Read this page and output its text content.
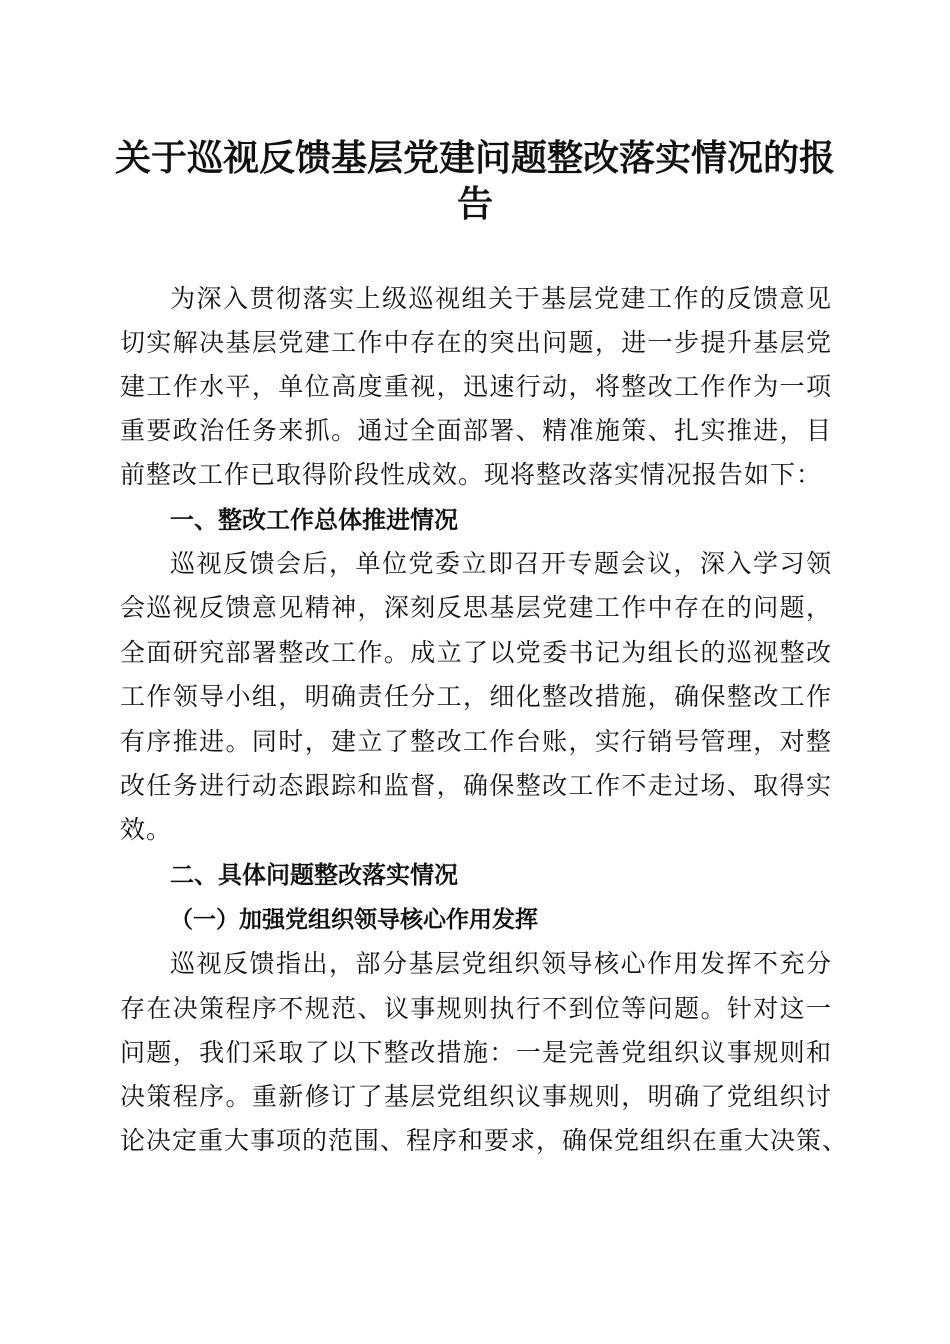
关于巡视反馈基层党建问题整改落实情况的报
告

为深入贯彻落实上级巡视组关于基层党建工作的反馈意见

切实解决基层党建工作中存在的突出问题，进一步提升基层党

建工作水平，单位高度重视，迅速行动，将整改工作作为一项

重要政治任务来抓。通过全面部署、精准施策、扎实推进，目

前整改工作已取得阶段性成效。现将整改落实情况报告如下：

一、整改工作总体推进情况

巡视反馈会后，单位党委立即召开专题会议，深入学习领

会巡视反馈意见精神，深刻反思基层党建工作中存在的问题，

全面研究部署整改工作。成立了以党委书记为组长的巡视整改

工作领导小组，明确责任分工，细化整改措施，确保整改工作

有序推进。同时，建立了整改工作台账，实行销号管理，对整

改任务进行动态跟踪和监督，确保整改工作不走过场、取得实

效。

二、具体问题整改落实情况

（一）加强党组织领导核心作用发挥

巡视反馈指出，部分基层党组织领导核心作用发挥不充分

存在决策程序不规范、议事规则执行不到位等问题。针对这一

问题，我们采取了以下整改措施：一是完善党组织议事规则和

决策程序。重新修订了基层党组织议事规则，明确了党组织讨

论决定重大事项的范围、程序和要求，确保党组织在重大决策、
